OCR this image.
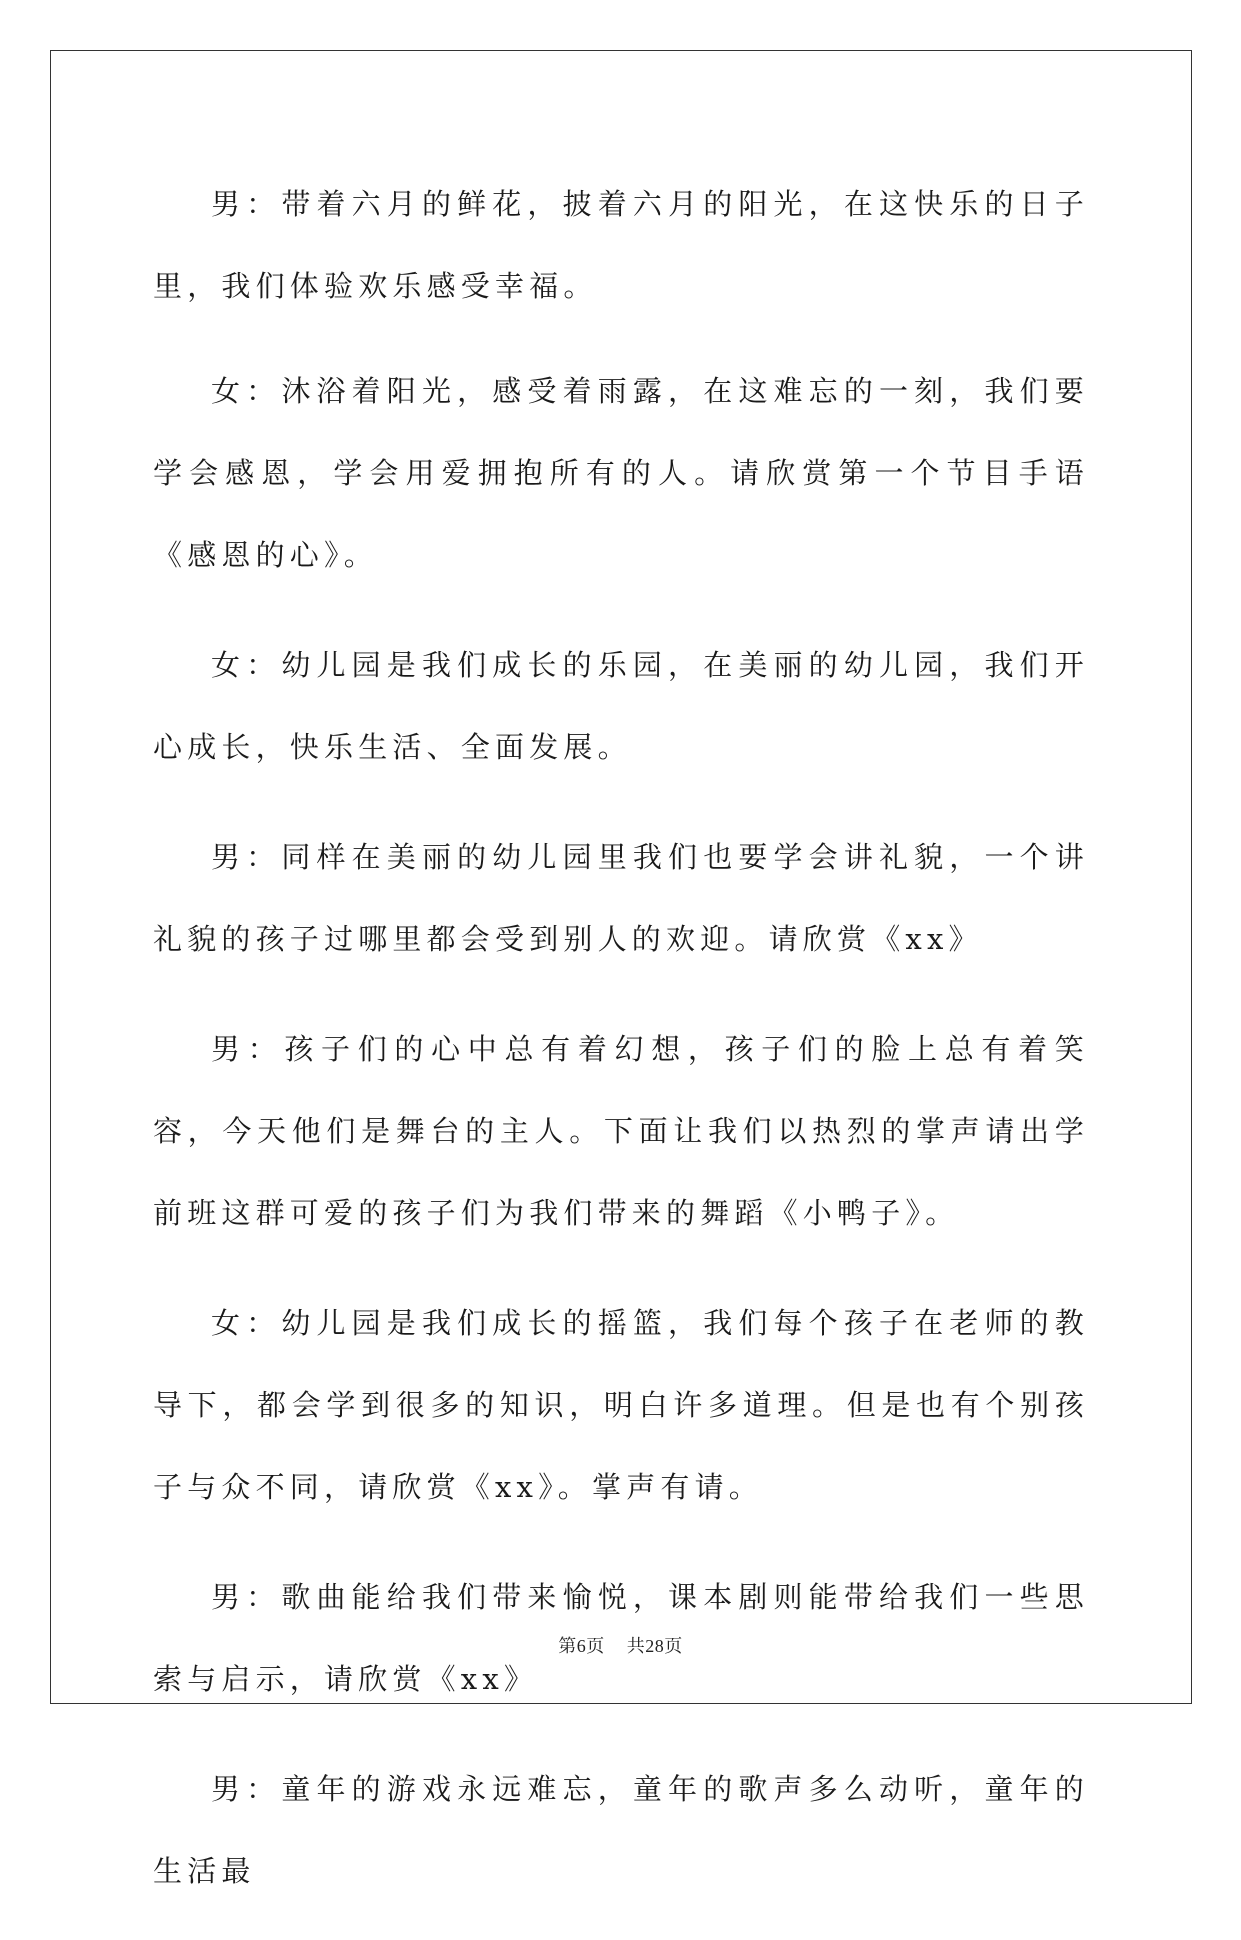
男：带着六月的鲜花，披着六月的阳光，在这快乐的日子里，我们体验欢乐感受幸福。

女：沐浴着阳光，感受着雨露，在这难忘的一刻，我们要学会感恩，学会用爱拥抱所有的人。请欣赏第一个节目手语《感恩的心》。

女：幼儿园是我们成长的乐园，在美丽的幼儿园，我们开心成长，快乐生活、全面发展。

男：同样在美丽的幼儿园里我们也要学会讲礼貌，一个讲礼貌的孩子过哪里都会受到别人的欢迎。请欣赏《xx》

男：孩子们的心中总有着幻想，孩子们的脸上总有着笑容，今天他们是舞台的主人。下面让我们以热烈的掌声请出学前班这群可爱的孩子们为我们带来的舞蹈《小鸭子》。

女：幼儿园是我们成长的摇篮，我们每个孩子在老师的教导下，都会学到很多的知识，明白许多道理。但是也有个别孩子与众不同，请欣赏《xx》。掌声有请。

男：歌曲能给我们带来愉悦，课本剧则能带给我们一些思索与启示，请欣赏《xx》

男：童年的游戏永远难忘，童年的歌声多么动听，童年的生活最

第6页 共28页
